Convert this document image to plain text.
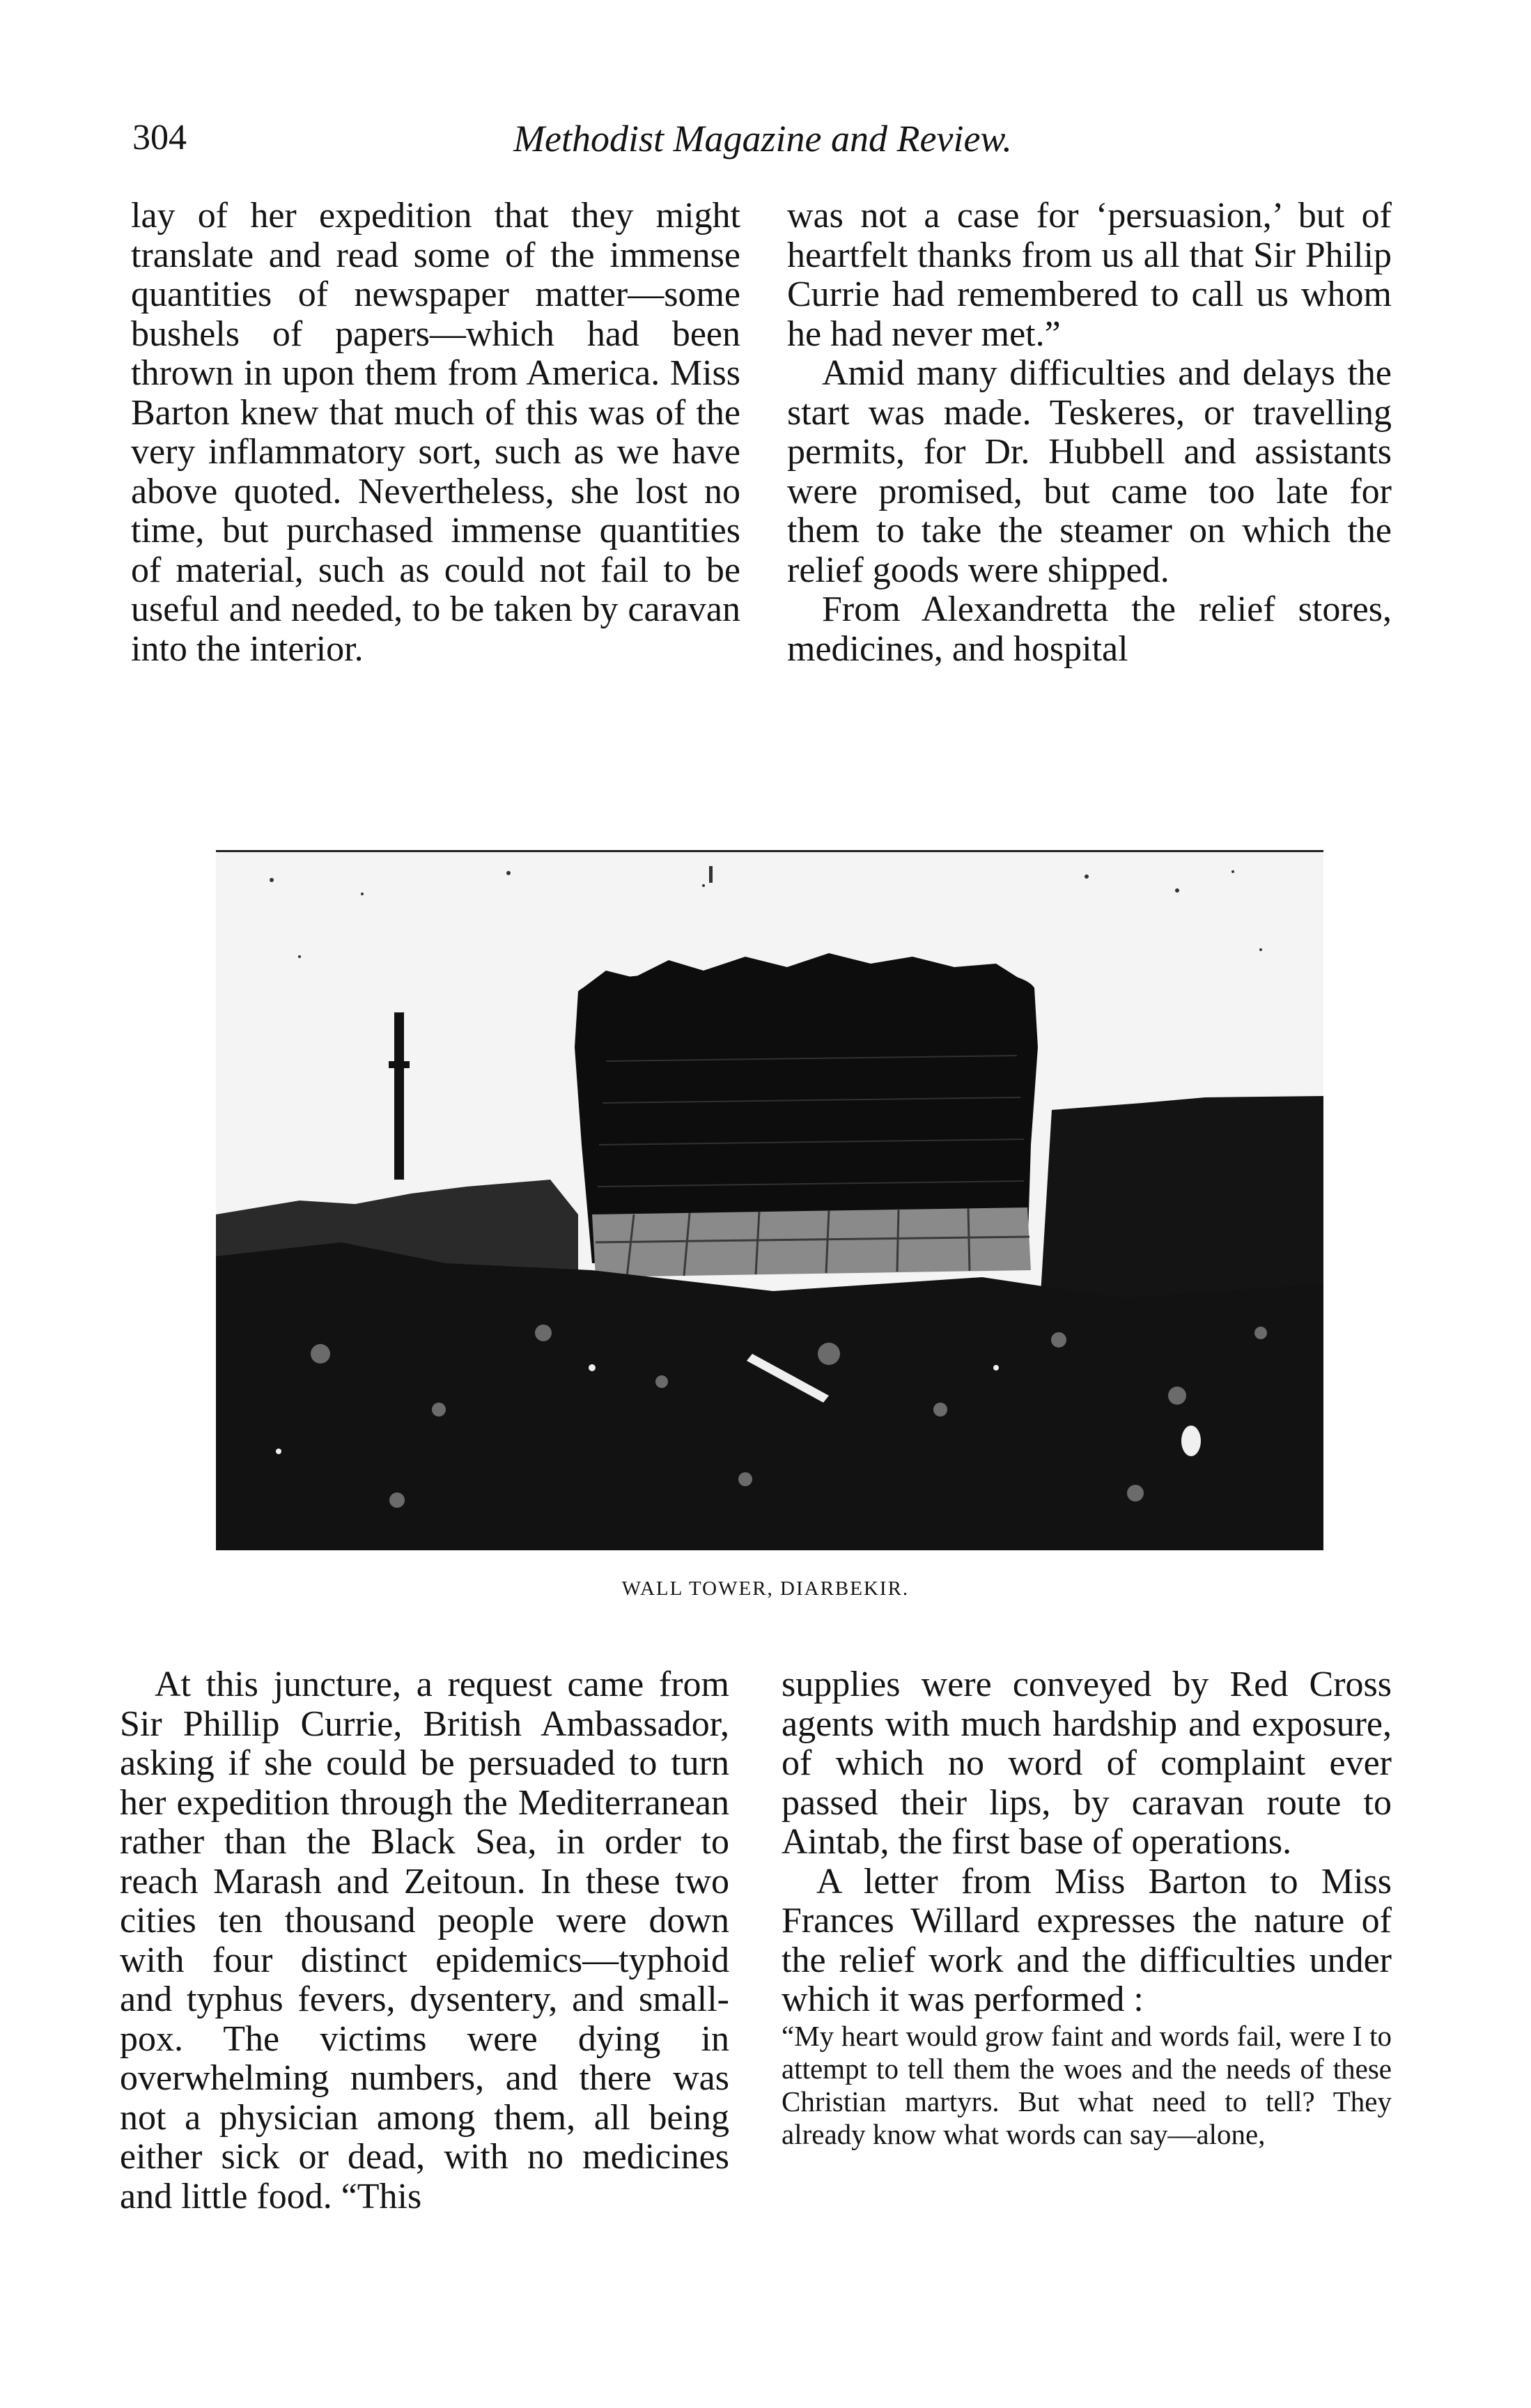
304	Methodist Magazine and Review.

lay of her expedition that they might translate and read some of the immense quantities of newspaper matter—some bushels of papers—which had been thrown in upon them from America. Miss Barton knew that much of this was of the very inflammatory sort, such as we have above quoted. Nevertheless, she lost no time, but purchased immense quantities of material, such as could not fail to be useful and needed, to be taken by caravan into the interior.

was not a case for ‘persuasion,’ but of heartfelt thanks from us all that Sir Philip Currie had remembered to call us whom he had never met.”

Amid many difficulties and delays the start was made. Teskeres, or travelling permits, for Dr. Hubbell and assistants were promised, but came too late for them to take the steamer on which the relief goods were shipped.

From Alexandretta the relief stores, medicines, and hospital

WALL TOWER, DIARBEKIR.

At this juncture, a request came from Sir Phillip Currie, British Ambassador, asking if she could be persuaded to turn her expedition through the Mediterranean rather than the Black Sea, in order to reach Marash and Zeitoun. In these two cities ten thousand people were down with four distinct epidemics—typhoid and typhus fevers, dysentery, and small-pox. The victims were dying in overwhelming numbers, and there was not a physician among them, all being either sick or dead, with no medicines and little food. “This

supplies were conveyed by Red Cross agents with much hardship and exposure, of which no word of complaint ever passed their lips, by caravan route to Aintab, the first base of operations.

A letter from Miss Barton to Miss Frances Willard expresses the nature of the relief work and the difficulties under which it was performed :

“My heart would grow faint and words fail, were I to attempt to tell them the woes and the needs of these Christian martyrs. But what need to tell? They already know what words can say—alone,
